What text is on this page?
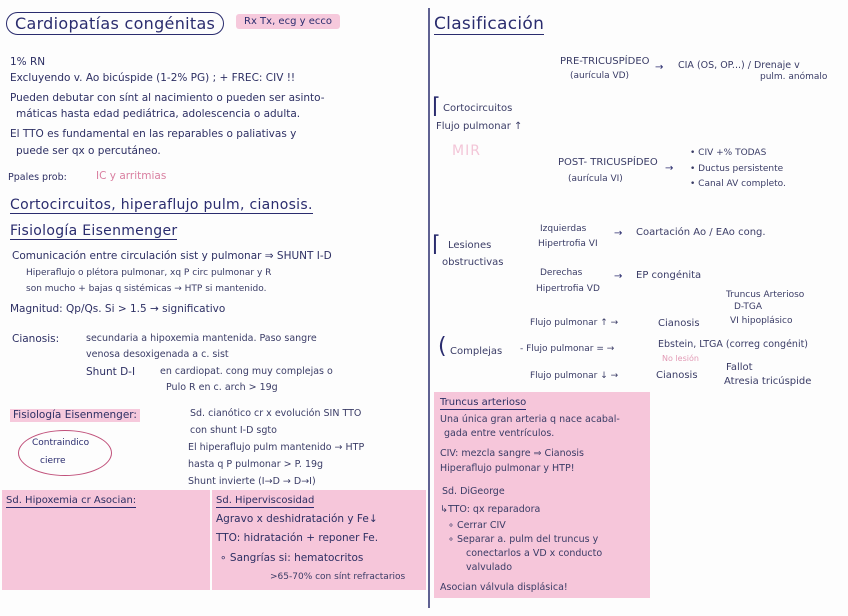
Cardiopatías congénitas	Rx Tx, ecg y ecco
1% RN
Excluyendo v. Ao bicúspide (1-2% PG) ; + FREC: CIV !!
Pueden debutar con sínt al nacimiento o pueden ser asinto-
máticas hasta edad pediátrica, adolescencia o adulta.
El TTO es fundamental en las reparables o paliativas y
puede ser qx o percutáneo.
Ppales prob:	IC y arritmias
Cortocircuitos, hiperaflujo pulm, cianosis.
Fisiología Eisenmenger
Comunicación entre circulación sist y pulmonar ⇒ SHUNT I-D
Hiperaflujo o plétora pulmonar, xq P circ pulmonar y R
son mucho + bajas q sistémicas → HTP si mantenido.
Magnitud: Qp/Qs. Si > 1.5 → significativo
Cianosis:	secundaria a hipoxemia mantenida. Paso sangre
venosa desoxigenada a c. sist
Shunt D-I	en cardiopat. cong muy complejas o
Pulo R en c. arch > 19g
Fisiología Eisenmenger:	Sd. cianótico cr x evolución SIN TTO
con shunt I-D sgto
El hiperaflujo pulm mantenido → HTP
hasta q P pulmonar > P. 19g
Shunt invierte (I→D → D→I)
Contraindico
cierre
Sd. Hipoxemia cr Asocian:	Sd. Hiperviscosidad
Agravo x deshidratación y Fe↓
TTO: hidratación + reponer Fe.
∘ Sangrías si: hematocritos
>65-70% con sínt refractarios
Clasificación
⌈ Cortocircuitos
Flujo pulmonar ↑
MIR
PRE-TRICUSPÍDEO
(aurícula VD)
→ CIA (OS, OP...) / Drenaje v
pulm. anómalo
POST- TRICUSPÍDEO
(aurícula VI)
→
• CIV +% TODAS
• Ductus persistente
• Canal AV completo.
⌈ Lesiones
obstructivas
Izquierdas
Hipertrofia VI
→ Coartación Ao / EAo cong.
Derechas
Hipertrofia VD
→ EP congénita
( Complejas
Flujo pulmonar ↑ →	Cianosis
Truncus Arterioso
D-TGA
VI hipoplásico
- Flujo pulmonar = →	Ebstein, LTGA (correg congénit)
No lesión
Flujo pulmonar ↓ →	Cianosis
Fallot
Atresia tricúspide
Truncus arterioso
Una única gran arteria q nace acabal-
gada entre ventrículos.
CIV: mezcla sangre ⇒ Cianosis
Hiperaflujo pulmonar y HTP!
Sd. DiGeorge
↳TTO: qx reparadora
∘ Cerrar CIV
∘ Separar a. pulm del truncus y
conectarlos a VD x conducto
valvulado
Asocian válvula displásica!
